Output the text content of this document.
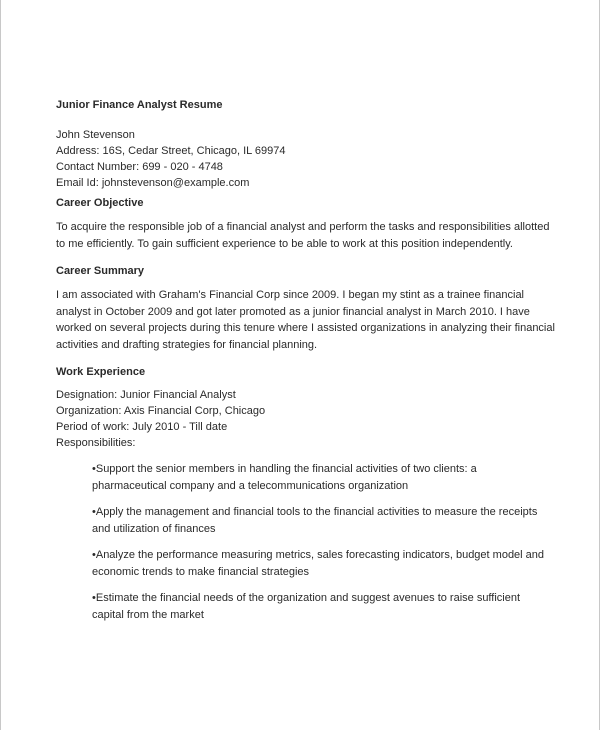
Junior Finance Analyst Resume

John Stevenson

Address: 16S, Cedar Street, Chicago, IL 69974

Contact Number: 699 - 020 - 4748

Email Id: johnstevenson@example.com

Career Objective

To acquire the responsible job of a financial analyst and perform the tasks and responsibilities allotted to me efficiently. To gain sufficient experience to be able to work at this position independently.

Career Summary

I am associated with Graham's Financial Corp since 2009. I began my stint as a trainee financial analyst in October 2009 and got later promoted as a junior financial analyst in March 2010. I have worked on several projects during this tenure where I assisted organizations in analyzing their financial activities and drafting strategies for financial planning.

Work Experience

Designation: Junior Financial Analyst

Organization: Axis Financial Corp, Chicago

Period of work: July 2010 - Till date

Responsibilities:

•Support the senior members in handling the financial activities of two clients: a pharmaceutical company and a telecommunications organization

•Apply the management and financial tools to the financial activities to measure the receipts and utilization of finances

•Analyze the performance measuring metrics, sales forecasting indicators, budget model and economic trends to make financial strategies

•Estimate the financial needs of the organization and suggest avenues to raise sufficient capital from the market
